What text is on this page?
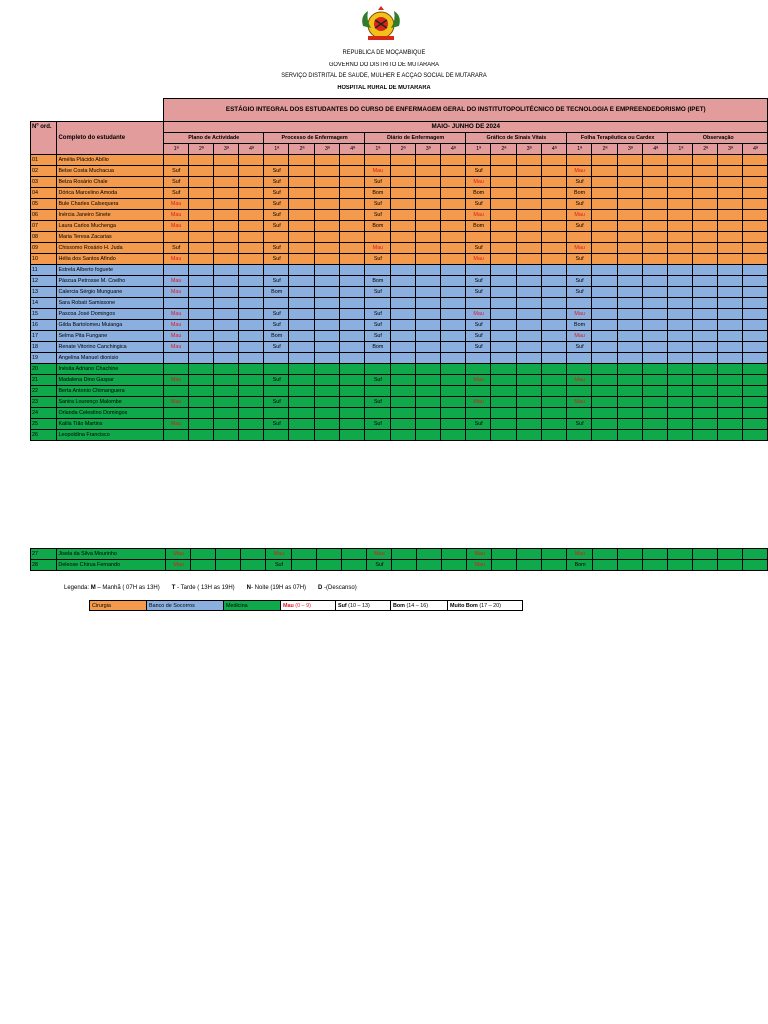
REPÚBLICA DE MOÇAMBIQUE
GOVERNO DO DISTRITO DE MUTARARA
SERVIÇO DISTRITAL DE SAÚDE, MULHER E ACÇÃO SOCIAL DE MUTARARA
HOSPITAL RURAL DE MUTARARA
		ESTÁGIO INTEGRAL DOS ESTUDANTES DO CURSO DE ENFERMAGEM GERAL DO INSTITUTOPOLITÉCNICO DE TECNOLOGIA E EMPREENDEDORISMO (IPET)																							
Nº ord.	Completo do estudante	MAIO- JUNHO DE 2024																							
		Plano de Actividade				Processo de Enfermagem				Diário de Enfermagem				Gráfico de Sinais Vitais				Folha Terapêutica ou Cardex				Observação			
		1ª	2ª	3ª	4ª	1ª	2ª	3ª	4ª	1ª	2ª	3ª	4ª	1ª	2ª	3ª	4ª	1ª	2ª	3ª	4ª	1ª	2ª	3ª	4ª
01	Amélia Plácido Abílio																								
02	Belse Costa Muchacua	Suf				Suf				Mau				Suf				Mau							
03	Belza Rosário Chale	Suf				Suf				Suf				Mau				Suf							
04	Dórica Marcelino Amoda	Suf				Suf				Bom				Bom				Bom							
05	Bule Charles Calsequera	Mau				Suf				Suf				Suf				Suf							
06	Inércia Janeiro Sinete	Mau				Suf				Suf				Mau				Mau							
07	Laura Carlos Muchenga	Mau				Suf				Bom				Bom				Suf							
08	Maria Teresa Zacarias																								
09	Chissomo Rosário H. Juda	Suf				Suf				Mau				Suf				Mau							
10	Hélia dos Santos Afindo	Mau				Suf				Suf				Mau				Suf							
11	Estrela Alberto foguete																								
12	Páscua Petrosse M. Coelho	Mau				Suf				Bom				Suf				Suf							
13	Calercia Sérgio Munguane	Mau				Bom				Suf				Suf				Suf							
14	Sara Robati Samissone																								
15	Pascoa José Domingos	Mau				Suf				Suf				Mau				Mau							
16	Gilda Bartolomeu Muianga	Mau				Suf				Suf				Suf				Bom							
17	Selma Pita Fungane	Mau				Bom				Suf				Suf				Mau							
18	Renate Vitorino Canchingica	Mau				Suf				Bom				Suf				Suf							
19	Angelina Manuel dionisio																								
20	Inésita Adriano Chachine																								
21	Madalena Dino Gaspar	Mau				Suf				Suf				Mau				Mau							
22	Berta Antonio Chimanguera																								
23	Sanira Lourenço Malombe	Mau				Suf				Suf				Mau				Mau							
24	Orlanda Celestino Domingos																								
25	Kalila Tião Martins	Mau				Suf				Suf				Suf				Suf							
26	Leopoldina Francisco																								
27	Jisela da Silva Mourinho	Mau				Mau				Mau				Mau				Mau							
28	Deleose Chirua Fernando	Mau				Suf				Suf				Mau				Bom							
Legenda: M – Manhã ( 07H as 13H) T - Tarde ( 13H as 19H) N- Noite (19H as 07H) D -(Descanso)
Cirurgia	Banco de Socorros	Medicina	Mau (0 – 9)	Suf (10 – 13)	Bom (14 – 16)	Muito Bom (17 – 20)
